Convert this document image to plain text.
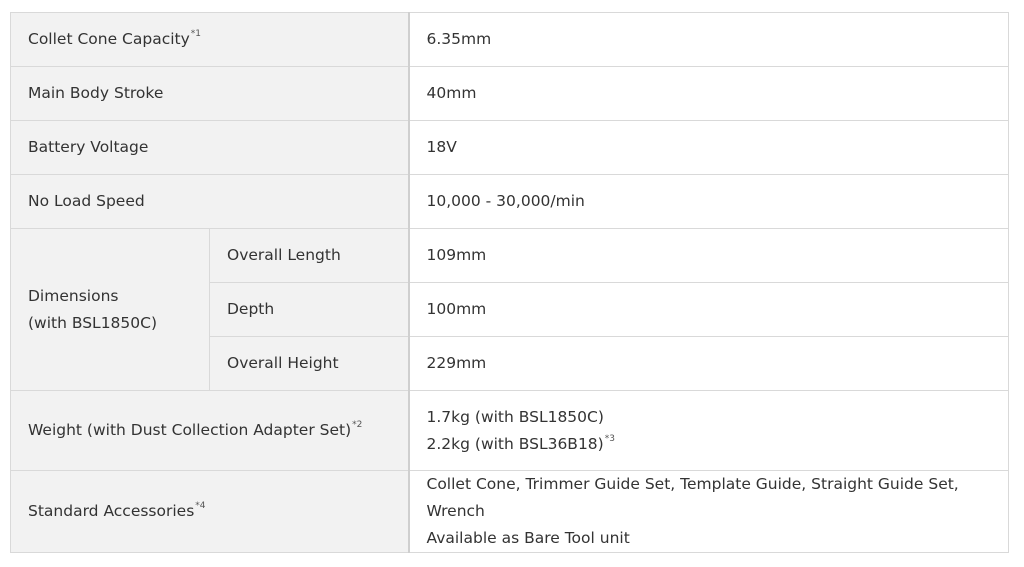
Collet Cone Capacity$^{*1}$		6.35mm
Main Body Stroke		40mm
Battery Voltage		18V
No Load Speed		10,000 - 30,000/min

Dimensions
(with BSL1850C)	Overall Length	109mm
	Depth	100mm
	Overall Height	229mm
Weight (with Dust Collection Adapter Set)$^{*2}$		1.7kg (with BSL1850C)
2.2kg (with BSL36B18)$^{*3}$

Standard Accessories$^{*4}$		Collet Cone, Trimmer Guide Set, Template Guide, Straight Guide Set, Wrench
Available as Bare Tool unit
